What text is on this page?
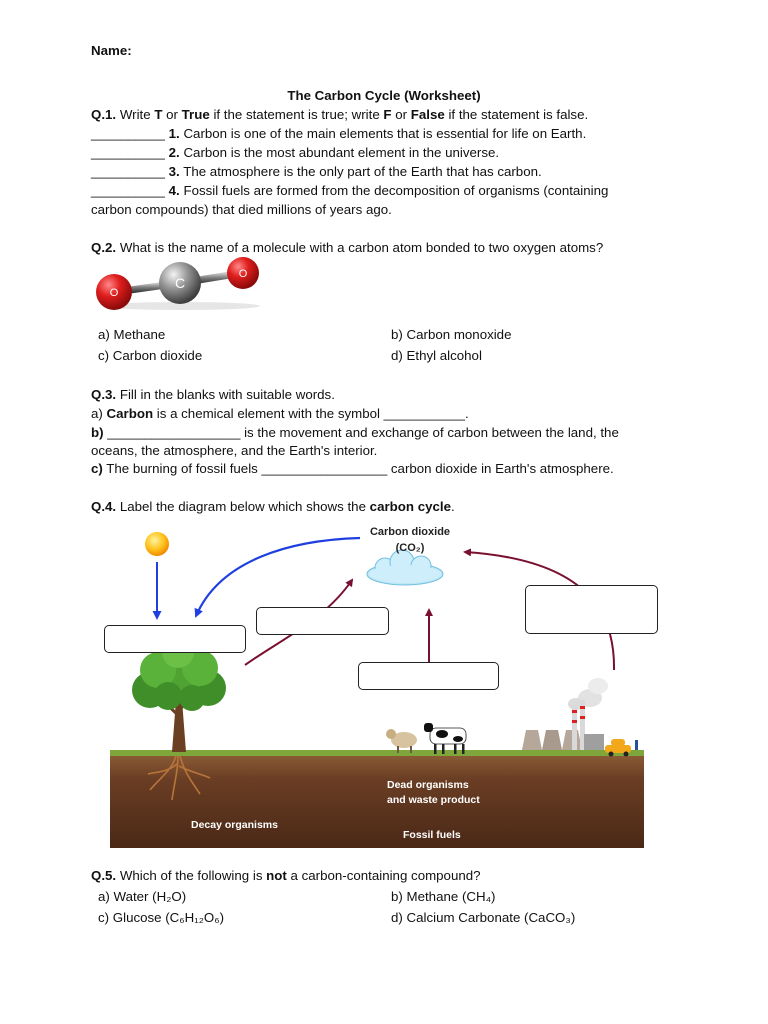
Name:
The Carbon Cycle (Worksheet)
Q.1. Write T or True if the statement is true; write F or False if the statement is false.
__________ 1. Carbon is one of the main elements that is essential for life on Earth.
__________ 2. Carbon is the most abundant element in the universe.
__________ 3. The atmosphere is the only part of the Earth that has carbon.
__________ 4. Fossil fuels are formed from the decomposition of organisms (containing
carbon compounds) that died millions of years ago.
Q.2. What is the name of a molecule with a carbon atom bonded to two oxygen atoms?
O
C
O
a) Methane	b) Carbon monoxide
c) Carbon dioxide	d) Ethyl alcohol
Q.3. Fill in the blanks with suitable words.
a) Carbon is a chemical element with the symbol ___________.
b) __________________ is the movement and exchange of carbon between the land, the
oceans, the atmosphere, and the Earth's interior.
c) The burning of fossil fuels _________________ carbon dioxide in Earth's atmosphere.
Q.4. Label the diagram below which shows the carbon cycle.
Carbon dioxide
(CO₂)
Dead organisms
and waste product
Decay organisms
Fossil fuels
Q.5. Which of the following is not a carbon-containing compound?
a) Water (H₂O)	b) Methane (CH₄)
c) Glucose (C₆H₁₂O₆)	d) Calcium Carbonate (CaCO₃)
